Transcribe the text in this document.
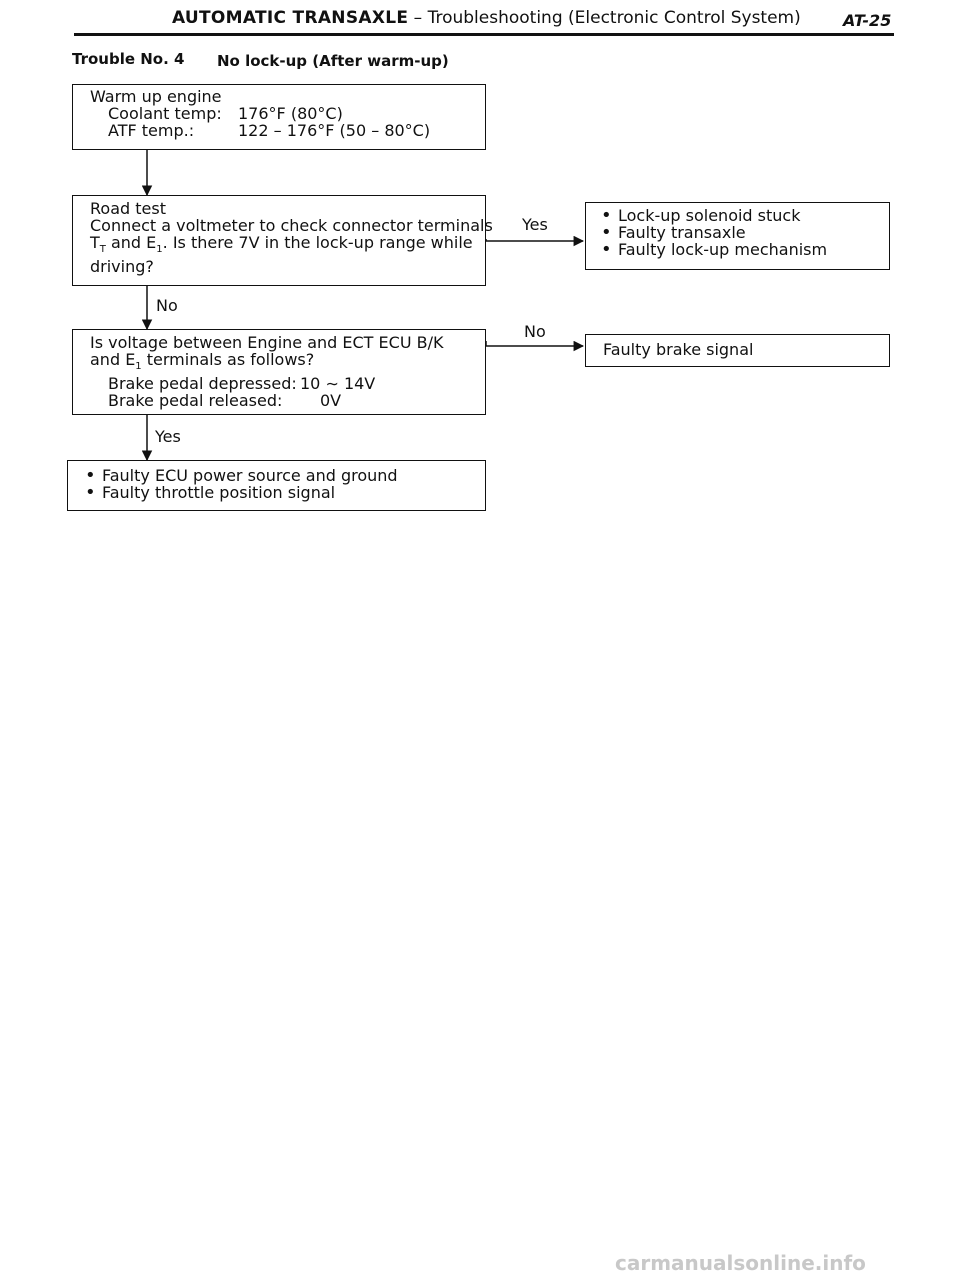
AUTOMATIC TRANSAXLE – Troubleshooting (Electronic Control System)	AT-25
Trouble No. 4 No lock-up (After warm-up)
Warm up engine
Coolant temp: 176°F (80°C)
ATF temp.:	122 – 176°F (50 – 80°C)
Road test
Connect a voltmeter to check connector terminals
$T_T$ and $E_1$. Is there 7V in the lock-up range while
driving?
Is voltage between Engine and ECT ECU B/K
and $E_1$ terminals as follows?
Brake pedal depressed: 10 ∼ 14V
Brake pedal released: 0V
• Faulty ECU power source and ground
• Faulty throttle position signal
• Lock-up solenoid stuck
• Faulty transaxle
• Faulty lock-up mechanism
Faulty brake signal
Yes
No
No
Yes
carmanualsonline.info
